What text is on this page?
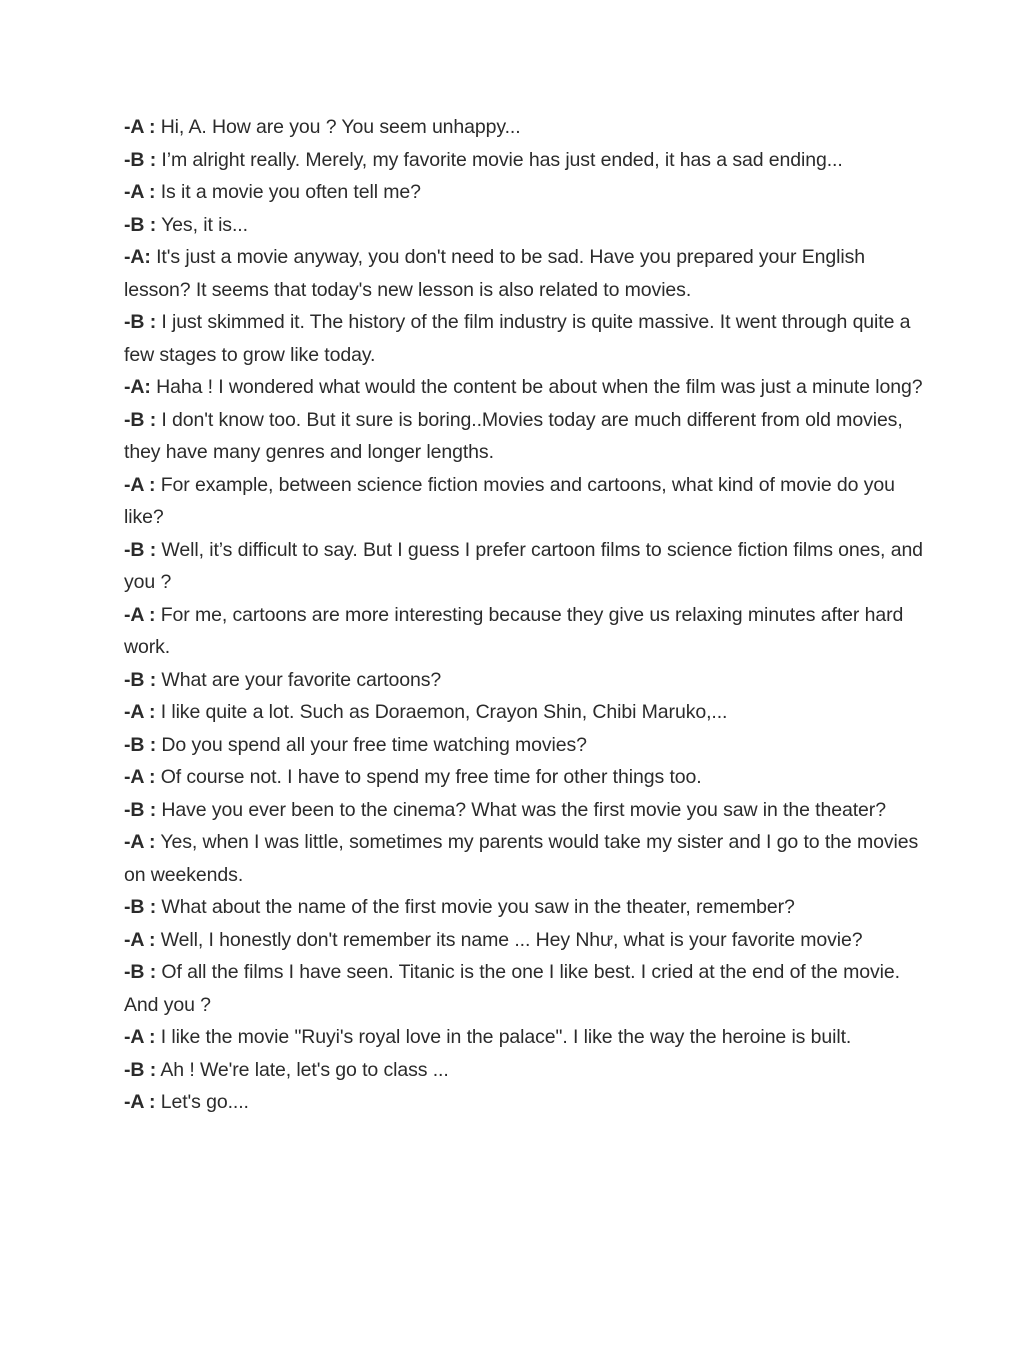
-A : Hi, A. How are you ? You seem unhappy...

-B : I’m alright really. Merely, my favorite movie has just ended, it has a sad ending...

-A : Is it a movie you often tell me?

-B : Yes, it is...

-A: It's just a movie anyway, you don't need to be sad. Have you prepared your English lesson? It seems that today's new lesson is also related to movies.

-B : I just skimmed it. The history of the film industry is quite massive. It went through quite a few stages to grow like today.

-A: Haha ! I wondered what would the content be about when the film was just a minute long?

-B : I don't know too. But it sure is boring..Movies today are much different from old movies, they have many genres and longer lengths.

-A : For example, between science fiction movies and cartoons, what kind of movie do you like?

-B : Well, it’s difficult to say. But I guess I prefer cartoon films to science fiction films ones, and you ?

-A : For me, cartoons are more interesting because they give us relaxing minutes after hard work.

-B : What are your favorite cartoons?

-A : I like quite a lot. Such as Doraemon, Crayon Shin, Chibi Maruko,...

-B : Do you spend all your free time watching movies?

-A : Of course not. I have to spend my free time for other things too.

-B : Have you ever been to the cinema? What was the first movie you saw in the theater?

-A : Yes, when I was little, sometimes my parents would take my sister and I go to the movies on weekends.

-B : What about the name of the first movie you saw in the theater, remember?

-A : Well, I honestly don't remember its name ... Hey Như, what is your favorite movie?

-B : Of all the films I have seen. Titanic is the one I like best. I cried at the end of the movie. And you ?

-A : I like the movie "Ruyi's royal love in the palace". I like the way the heroine is built.

-B : Ah ! We're late, let's go to class ...

-A : Let's go....
